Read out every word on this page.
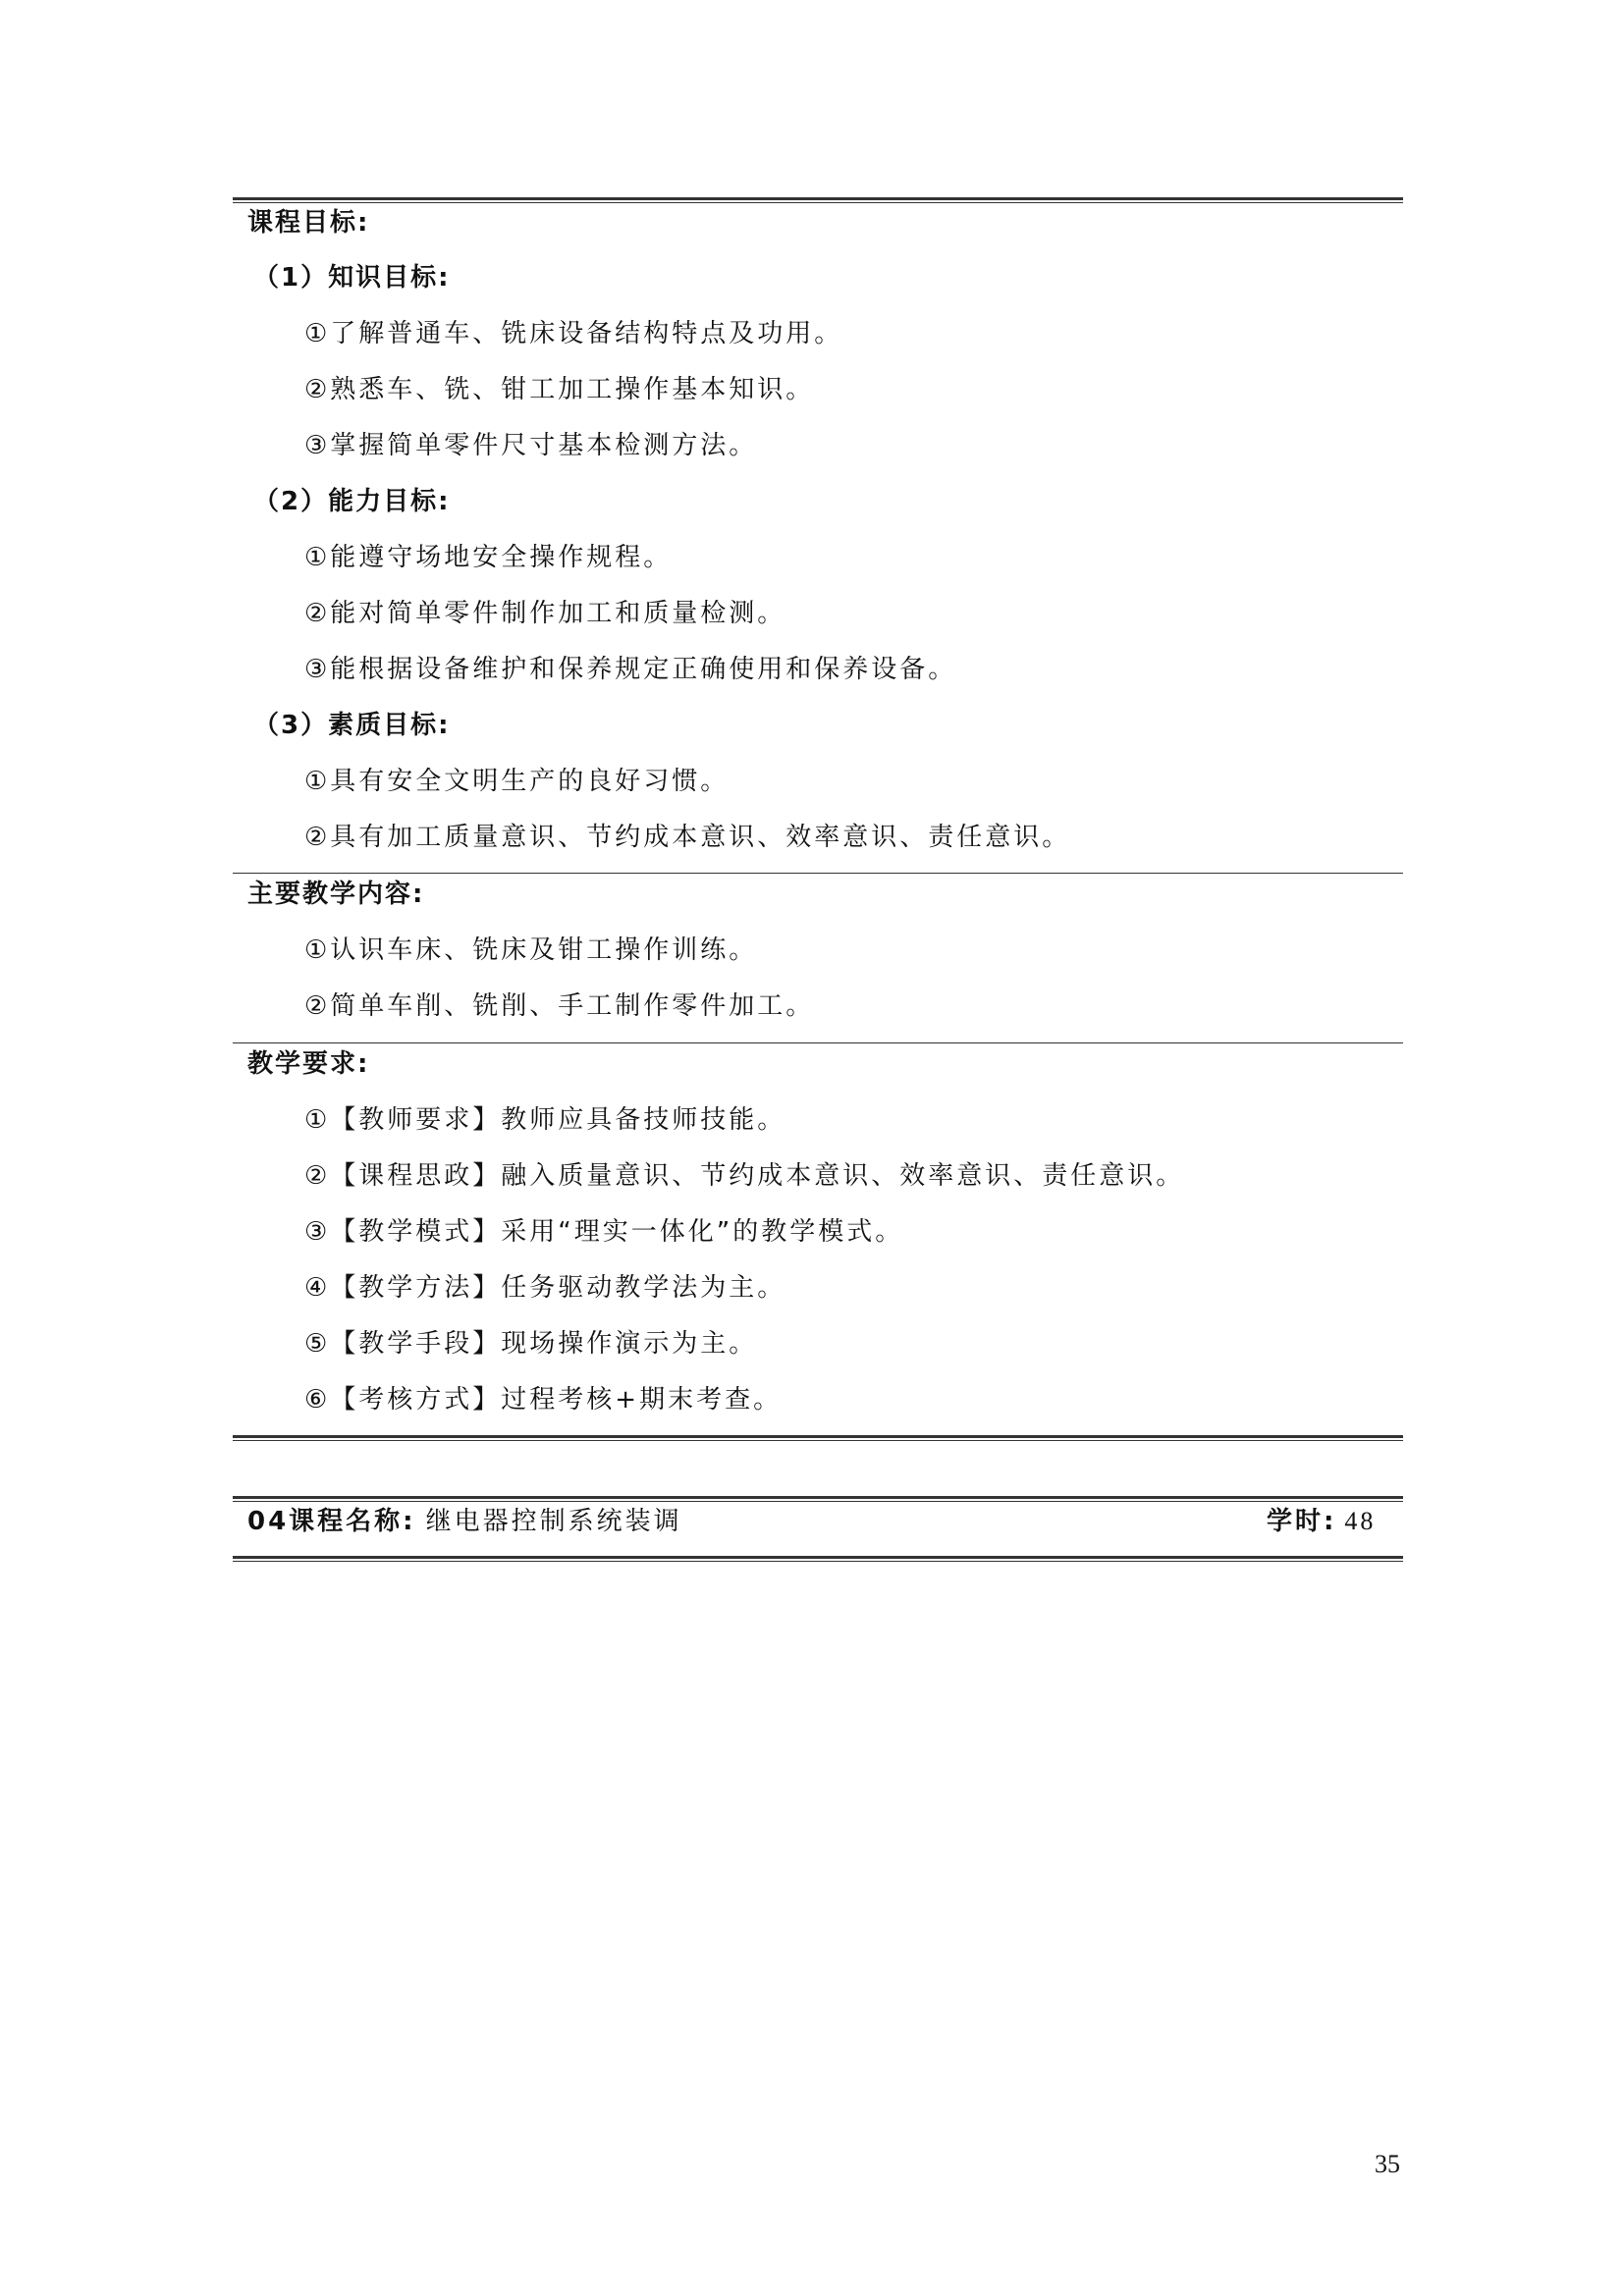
课程目标:
（1）知识目标:
①了解普通车、铣床设备结构特点及功用。
②熟悉车、铣、钳工加工操作基本知识。
③掌握简单零件尺寸基本检测方法。
（2）能力目标:
①能遵守场地安全操作规程。
②能对简单零件制作加工和质量检测。
③能根据设备维护和保养规定正确使用和保养设备。
（3）素质目标:
①具有安全文明生产的良好习惯。
②具有加工质量意识、节约成本意识、效率意识、责任意识。
主要教学内容:
①认识车床、铣床及钳工操作训练。
②简单车削、铣削、手工制作零件加工。
教学要求:
①【教师要求】教师应具备技师技能。
②【课程思政】融入质量意识、节约成本意识、效率意识、责任意识。
③【教学模式】采用“理实一体化”的教学模式。
④【教学方法】任务驱动教学法为主。
⑤【教学手段】现场操作演示为主。
⑥【考核方式】过程考核+期末考查。
04课程名称: 继电器控制系统装调	学时: 48
35
